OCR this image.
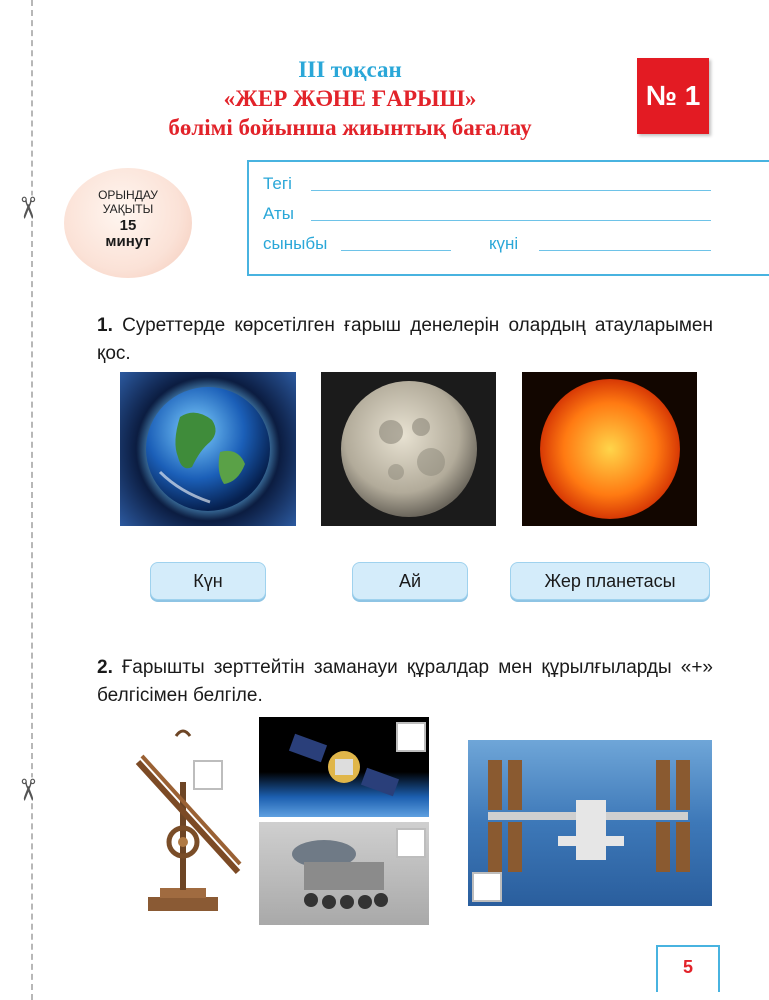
✂
✂
III тоқсан
«ЖЕР ЖӘНЕ ҒАРЫШ»
бөлімі бойынша жиынтық бағалау
№ 1
ОРЫНДАУ
УАҚЫТЫ
15
минут
Тегі
Аты
сыныбы	күні
1. Суреттерде көрсетілген ғарыш денелерін олардың атауларымен қос.
Күн	Ай	Жер планетасы
2. Ғарышты зерттейтін заманауи құралдар мен құрылғыларды «+» белгісімен белгіле.
5
